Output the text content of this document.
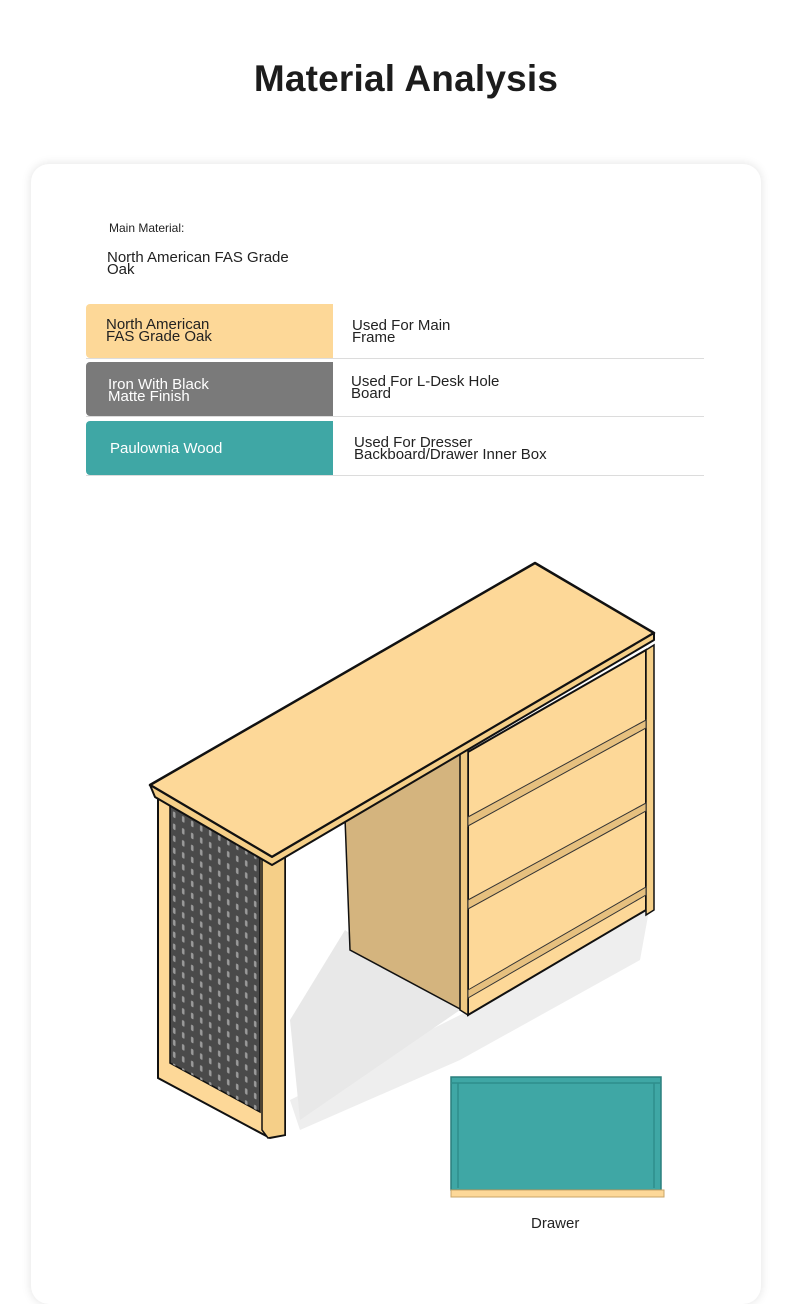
Material Analysis
Main Material:
North American FAS Grade Oak
North American FAS Grade Oak
Used For Main Frame
Iron With Black Matte Finish
Used For L-Desk Hole Board
Paulownia Wood	Used For Dresser Backboard/Drawer Inner Box
Drawer
